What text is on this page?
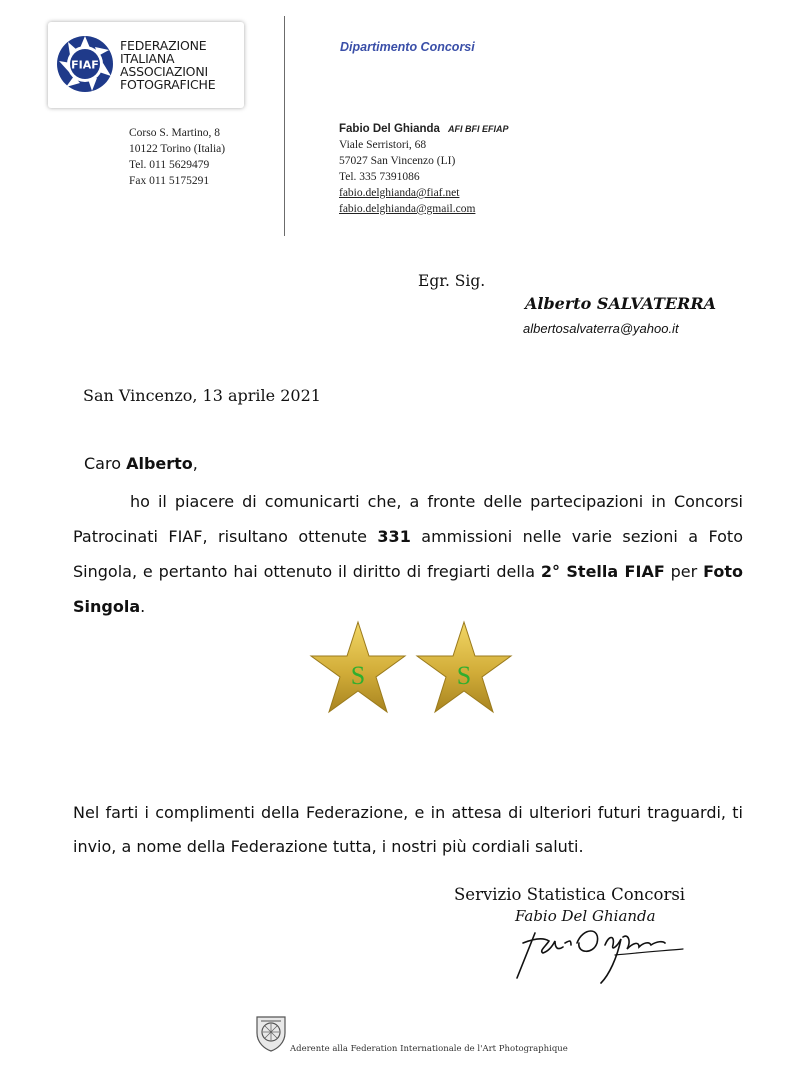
FIAF
FEDERAZIONE
ITALIANA
ASSOCIAZIONI
FOTOGRAFICHE
Dipartimento Concorsi
Corso S. Martino, 8
10122 Torino (Italia)
Tel. 011 5629479
Fax 011 5175291
Fabio Del Ghianda AFI BFI EFIAP
Viale Serristori, 68
57027 San Vincenzo (LI)
Tel. 335 7391086
fabio.delghianda@fiaf.net
fabio.delghianda@gmail.com
Egr. Sig.
Alberto SALVATERRA
albertosalvaterra@yahoo.it
San Vincenzo, 13 aprile 2021
Caro Alberto,
ho il piacere di comunicarti che, a fronte delle partecipazioni in Concorsi Patrocinati FIAF, risultano ottenute 331 ammissioni nelle varie sezioni a Foto Singola, e pertanto hai ottenuto il diritto di fregiarti della 2° Stella FIAF per Foto Singola.
S	S
Nel farti i complimenti della Federazione, e in attesa di ulteriori futuri traguardi, ti invio, a nome della Federazione tutta, i nostri più cordiali saluti.
Servizio Statistica Concorsi
Fabio Del Ghianda
Aderente alla Federation Internationale de l'Art Photographique
